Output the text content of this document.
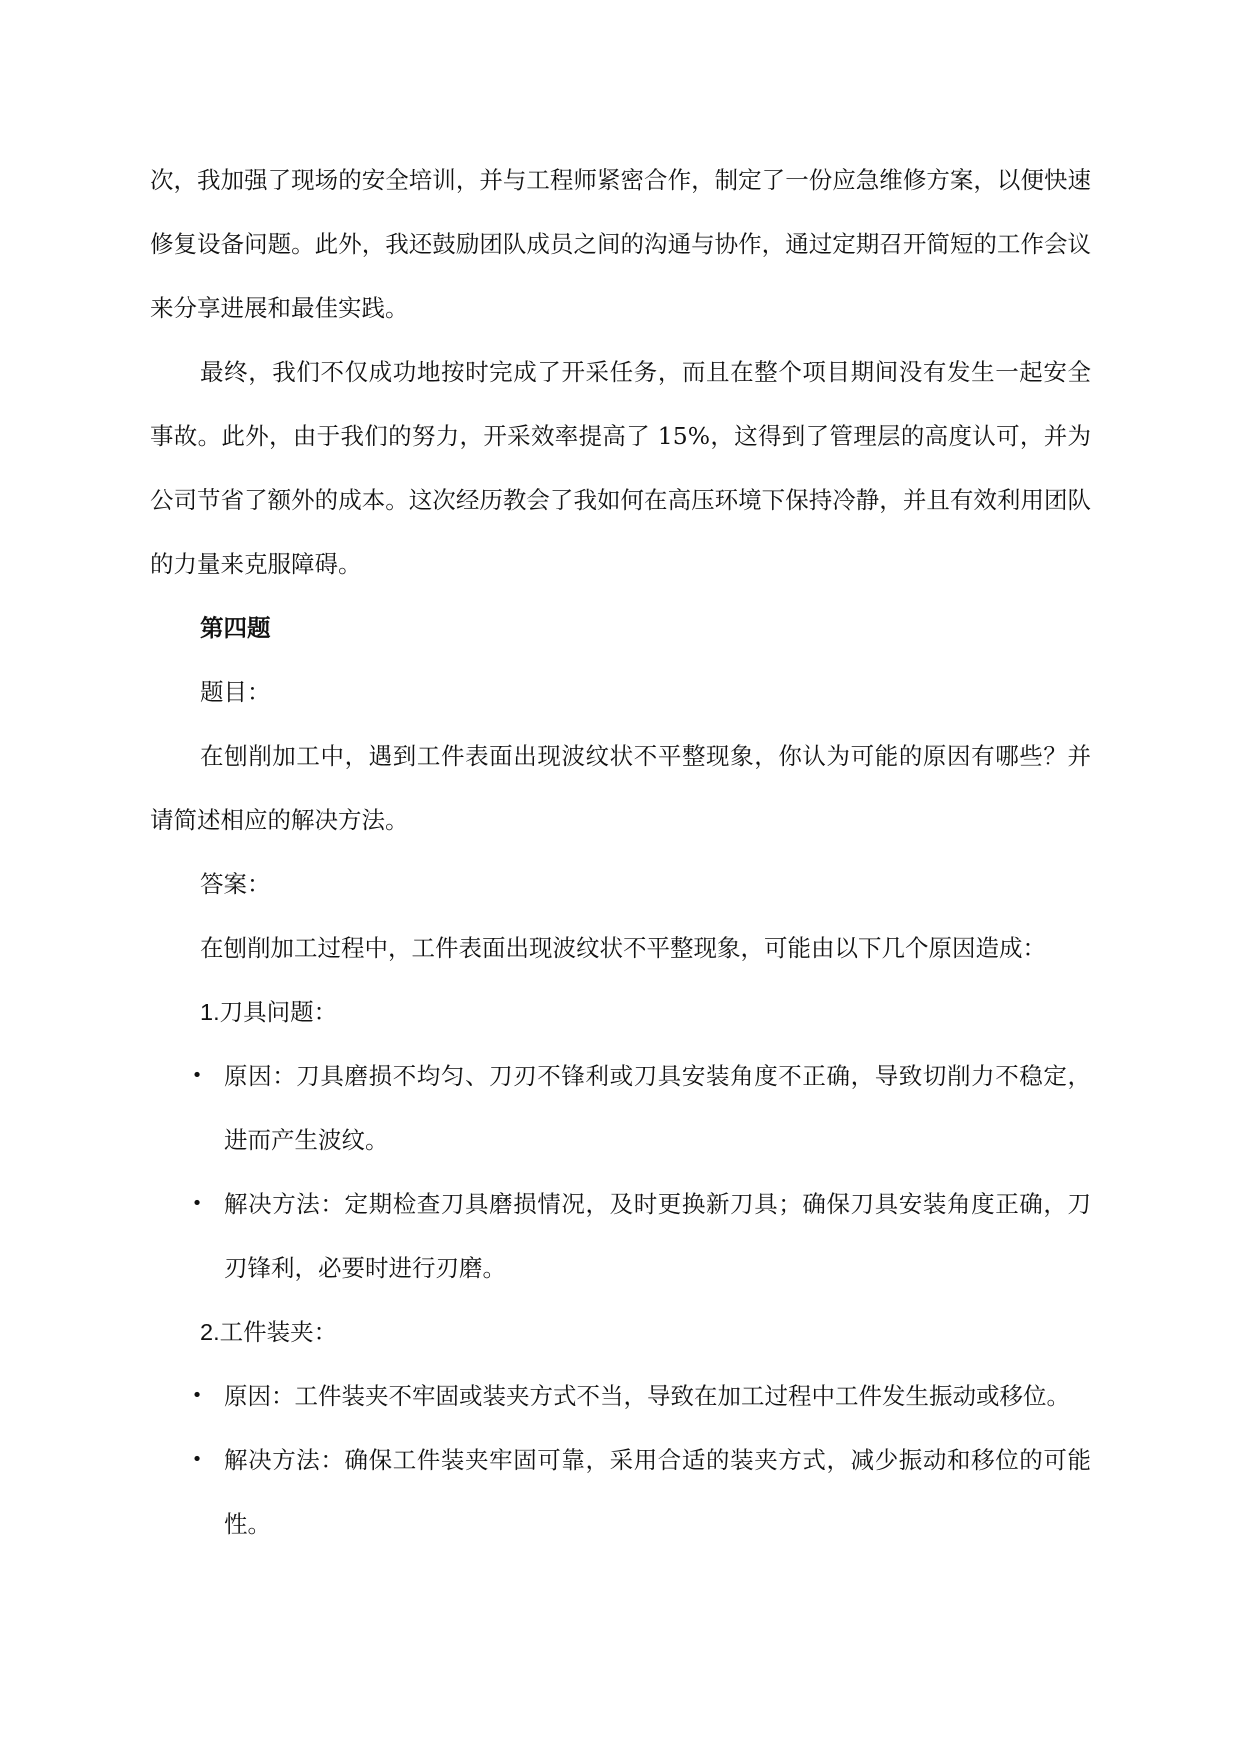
次，我加强了现场的安全培训，并与工程师紧密合作，制定了一份应急维修方案，以便快速修复设备问题。此外，我还鼓励团队成员之间的沟通与协作，通过定期召开简短的工作会议来分享进展和最佳实践。

最终，我们不仅成功地按时完成了开采任务，而且在整个项目期间没有发生一起安全事故。此外，由于我们的努力，开采效率提高了 15%，这得到了管理层的高度认可，并为公司节省了额外的成本。这次经历教会了我如何在高压环境下保持冷静，并且有效利用团队的力量来克服障碍。

第四题

题目：

在刨削加工中，遇到工件表面出现波纹状不平整现象，你认为可能的原因有哪些？并请简述相应的解决方法。

答案：

在刨削加工过程中，工件表面出现波纹状不平整现象，可能由以下几个原因造成：

1.刀具问题：

• 原因：刀具磨损不均匀、刀刃不锋利或刀具安装角度不正确，导致切削力不稳定，进而产生波纹。
• 解决方法：定期检查刀具磨损情况，及时更换新刀具；确保刀具安装角度正确，刀刃锋利，必要时进行刃磨。

2.工件装夹：

• 原因：工件装夹不牢固或装夹方式不当，导致在加工过程中工件发生振动或移位。
• 解决方法：确保工件装夹牢固可靠，采用合适的装夹方式，减少振动和移位的可能性。
